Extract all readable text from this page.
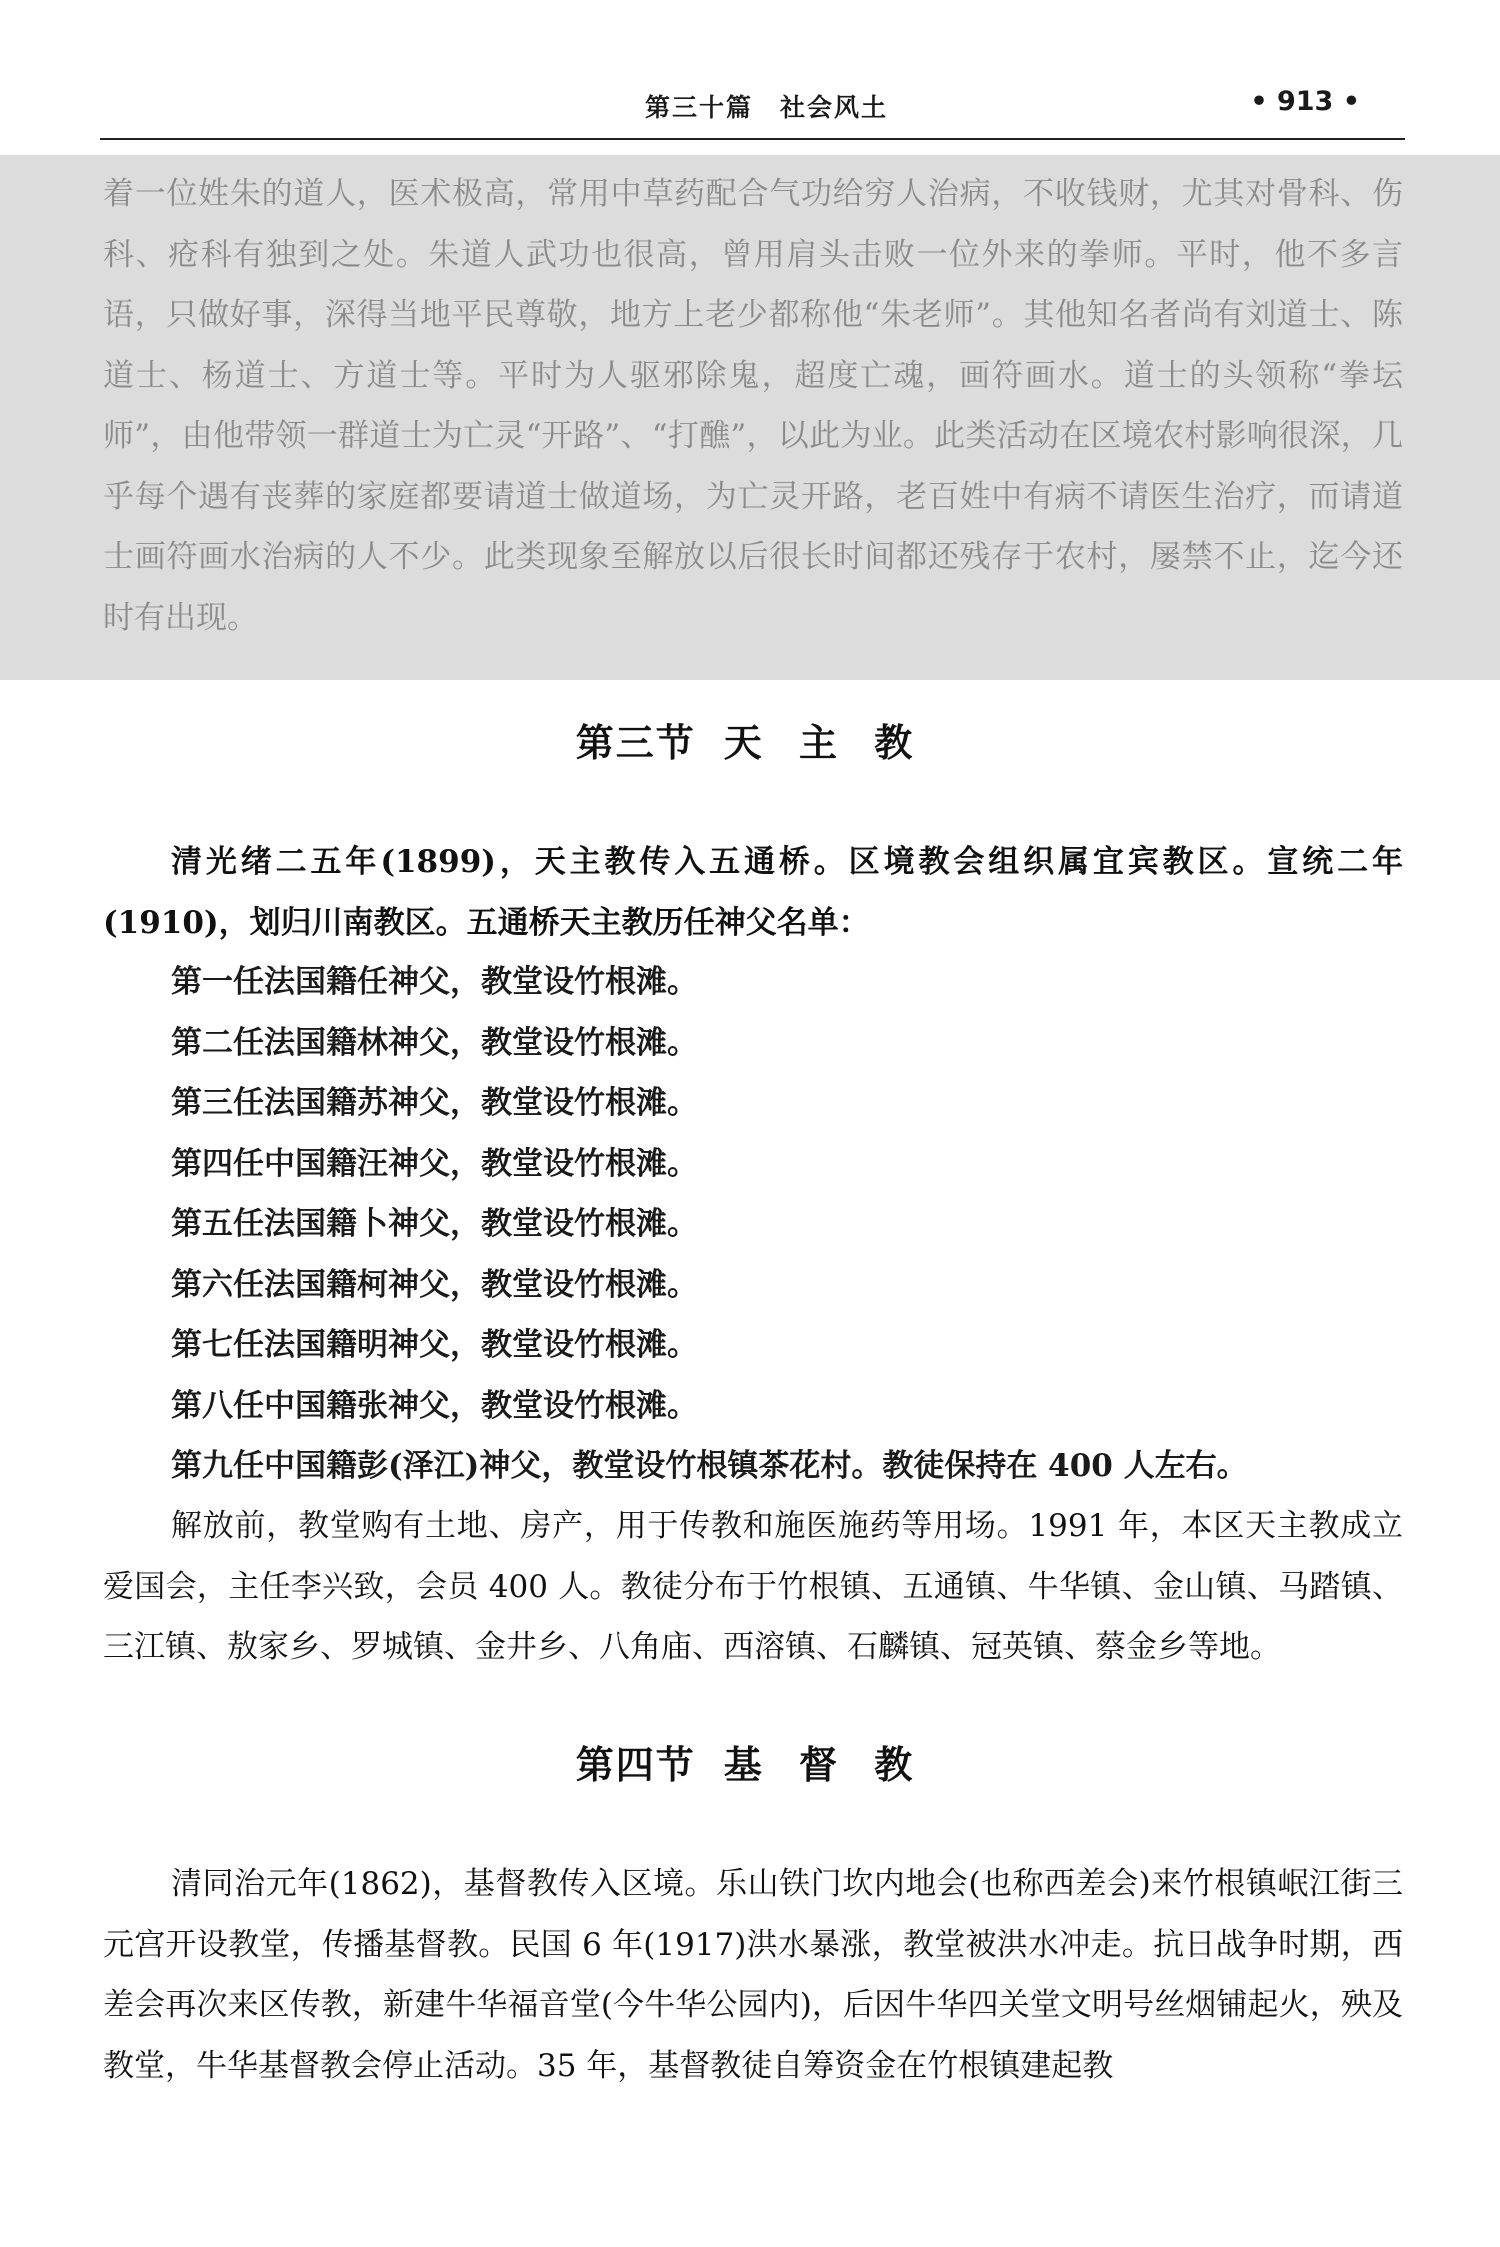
第三十篇　社会风土	• 913 •
着一位姓朱的道人，医术极高，常用中草药配合气功给穷人治病，不收钱财，尤其对骨科、伤科、疮科有独到之处。朱道人武功也很高，曾用肩头击败一位外来的拳师。平时，他不多言语，只做好事，深得当地平民尊敬，地方上老少都称他“朱老师”。其他知名者尚有刘道士、陈道士、杨道士、方道士等。平时为人驱邪除鬼，超度亡魂，画符画水。道士的头领称“拳坛师”，由他带领一群道士为亡灵“开路”、“打醮”，以此为业。此类活动在区境农村影响很深，几乎每个遇有丧葬的家庭都要请道士做道场，为亡灵开路，老百姓中有病不请医生治疗，而请道士画符画水治病的人不少。此类现象至解放以后很长时间都还残存于农村，屡禁不止，迄今还时有出现。
第三节 天 主 教
清光绪二五年(1899)，天主教传入五通桥。区境教会组织属宜宾教区。宣统二年(1910)，划归川南教区。五通桥天主教历任神父名单：
第一任法国籍任神父，教堂设竹根滩。
第二任法国籍林神父，教堂设竹根滩。
第三任法国籍苏神父，教堂设竹根滩。
第四任中国籍汪神父，教堂设竹根滩。
第五任法国籍卜神父，教堂设竹根滩。
第六任法国籍柯神父，教堂设竹根滩。
第七任法国籍明神父，教堂设竹根滩。
第八任中国籍张神父，教堂设竹根滩。
第九任中国籍彭(泽江)神父，教堂设竹根镇茶花村。教徒保持在 400 人左右。
解放前，教堂购有土地、房产，用于传教和施医施药等用场。1991 年，本区天主教成立爱国会，主任李兴致，会员 400 人。教徒分布于竹根镇、五通镇、牛华镇、金山镇、马踏镇、三江镇、敖家乡、罗城镇、金井乡、八角庙、西溶镇、石麟镇、冠英镇、蔡金乡等地。
第四节 基 督 教
清同治元年(1862)，基督教传入区境。乐山铁门坎内地会(也称西差会)来竹根镇岷江街三元宫开设教堂，传播基督教。民国 6 年(1917)洪水暴涨，教堂被洪水冲走。抗日战争时期，西差会再次来区传教，新建牛华福音堂(今牛华公园内)，后因牛华四关堂文明号丝烟铺起火，殃及教堂，牛华基督教会停止活动。35 年，基督教徒自筹资金在竹根镇建起教
